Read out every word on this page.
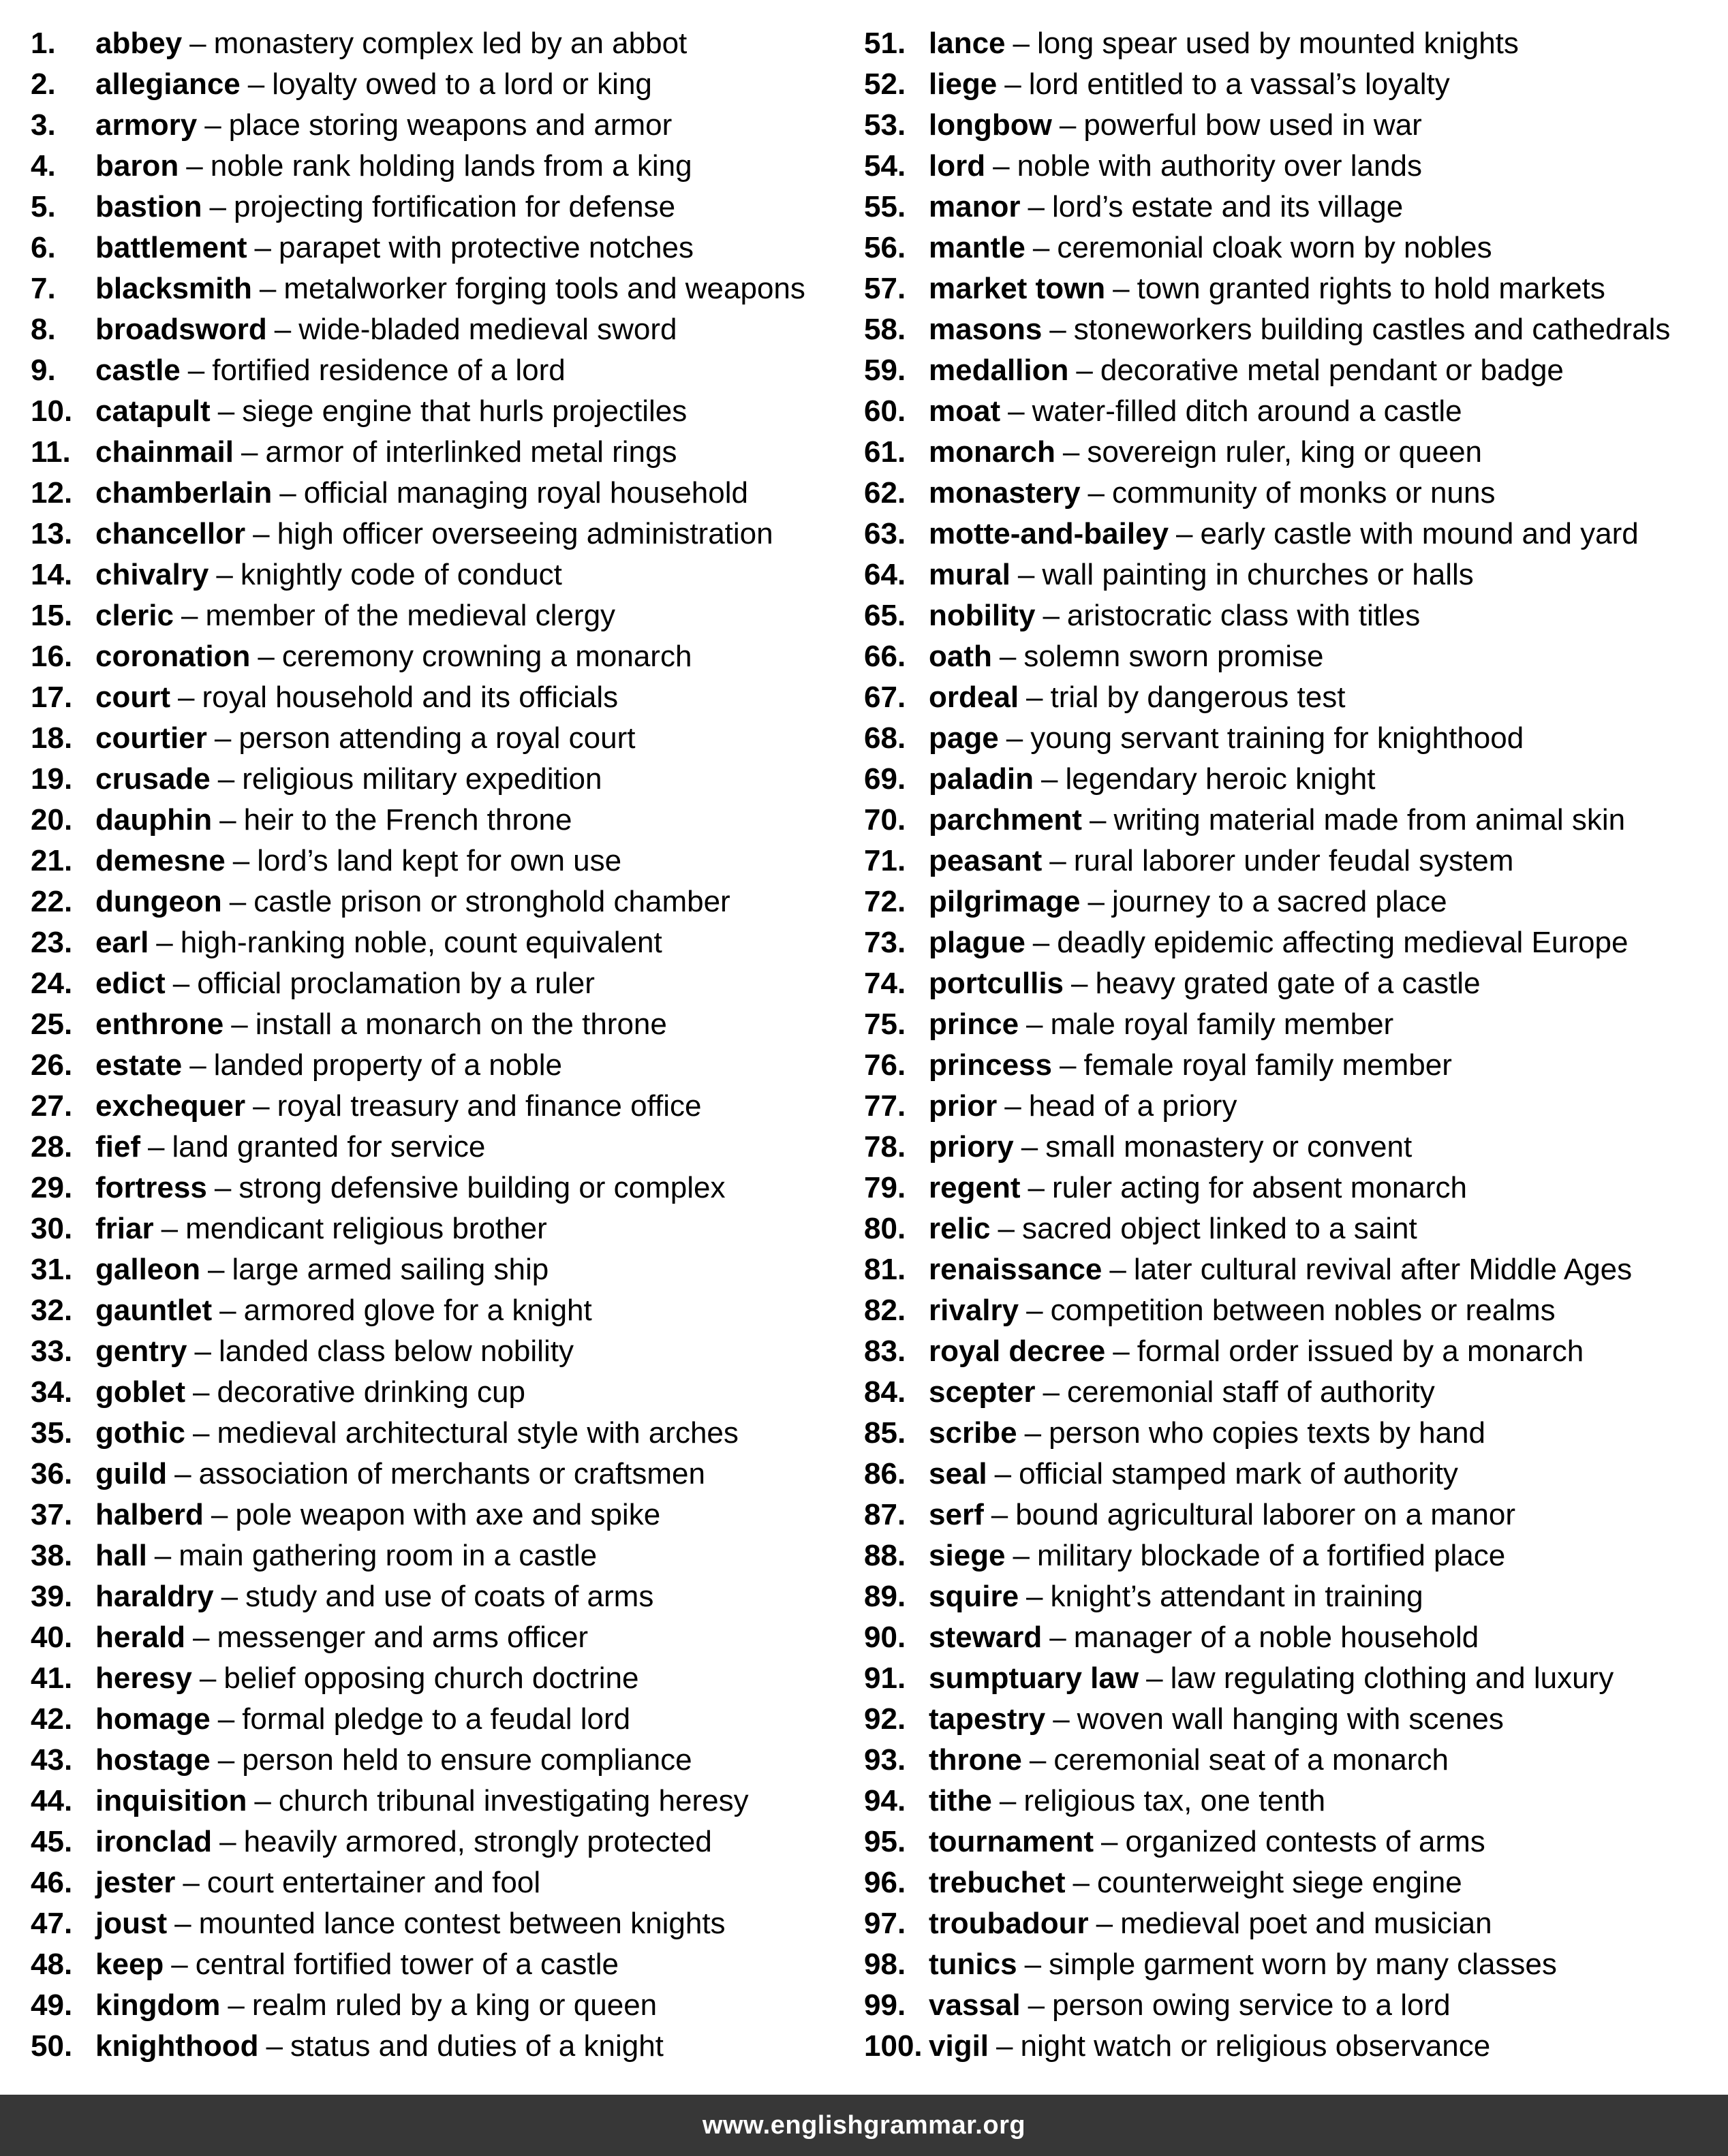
1.	abbey – monastery complex led by an abbot
2.	allegiance – loyalty owed to a lord or king
3.	armory – place storing weapons and armor
4.	baron – noble rank holding lands from a king
5.	bastion – projecting fortification for defense
6.	battlement – parapet with protective notches
7.	blacksmith – metalworker forging tools and weapons
8.	broadsword – wide-bladed medieval sword
9.	castle – fortified residence of a lord
10. catapult – siege engine that hurls projectiles
11. chainmail – armor of interlinked metal rings
12. chamberlain – official managing royal household
13. chancellor – high officer overseeing administration
14. chivalry – knightly code of conduct
15. cleric – member of the medieval clergy
16. coronation – ceremony crowning a monarch
17. court – royal household and its officials
18. courtier – person attending a royal court
19. crusade – religious military expedition
20. dauphin – heir to the French throne
21. demesne – lord’s land kept for own use
22. dungeon – castle prison or stronghold chamber
23. earl – high-ranking noble, count equivalent
24. edict – official proclamation by a ruler
25. enthrone – install a monarch on the throne
26. estate – landed property of a noble
27. exchequer – royal treasury and finance office
28. fief – land granted for service
29. fortress – strong defensive building or complex
30. friar – mendicant religious brother
31. galleon – large armed sailing ship
32. gauntlet – armored glove for a knight
33. gentry – landed class below nobility
34. goblet – decorative drinking cup
35. gothic – medieval architectural style with arches
36. guild – association of merchants or craftsmen
37. halberd – pole weapon with axe and spike
38. hall – main gathering room in a castle
39. haraldry – study and use of coats of arms
40. herald – messenger and arms officer
41. heresy – belief opposing church doctrine
42. homage – formal pledge to a feudal lord
43. hostage – person held to ensure compliance
44. inquisition – church tribunal investigating heresy
45. ironclad – heavily armored, strongly protected
46. jester – court entertainer and fool
47. joust – mounted lance contest between knights
48. keep – central fortified tower of a castle
49. kingdom – realm ruled by a king or queen
50. knighthood – status and duties of a knight
51. lance – long spear used by mounted knights
52. liege – lord entitled to a vassal’s loyalty
53. longbow – powerful bow used in war
54. lord – noble with authority over lands
55. manor – lord’s estate and its village
56. mantle – ceremonial cloak worn by nobles
57. market town – town granted rights to hold markets
58. masons – stoneworkers building castles and cathedrals
59. medallion – decorative metal pendant or badge
60. moat – water-filled ditch around a castle
61. monarch – sovereign ruler, king or queen
62. monastery – community of monks or nuns
63. motte-and-bailey – early castle with mound and yard
64. mural – wall painting in churches or halls
65. nobility – aristocratic class with titles
66. oath – solemn sworn promise
67. ordeal – trial by dangerous test
68. page – young servant training for knighthood
69. paladin – legendary heroic knight
70. parchment – writing material made from animal skin
71. peasant – rural laborer under feudal system
72. pilgrimage – journey to a sacred place
73. plague – deadly epidemic affecting medieval Europe
74. portcullis – heavy grated gate of a castle
75. prince – male royal family member
76. princess – female royal family member
77. prior – head of a priory
78. priory – small monastery or convent
79. regent – ruler acting for absent monarch
80. relic – sacred object linked to a saint
81. renaissance – later cultural revival after Middle Ages
82. rivalry – competition between nobles or realms
83. royal decree – formal order issued by a monarch
84. scepter – ceremonial staff of authority
85. scribe – person who copies texts by hand
86. seal – official stamped mark of authority
87. serf – bound agricultural laborer on a manor
88. siege – military blockade of a fortified place
89. squire – knight’s attendant in training
90. steward – manager of a noble household
91. sumptuary law – law regulating clothing and luxury
92. tapestry – woven wall hanging with scenes
93. throne – ceremonial seat of a monarch
94. tithe – religious tax, one tenth
95. tournament – organized contests of arms
96. trebuchet – counterweight siege engine
97. troubadour – medieval poet and musician
98. tunics – simple garment worn by many classes
99. vassal – person owing service to a lord
100. vigil – night watch or religious observance
www.englishgrammar.org
